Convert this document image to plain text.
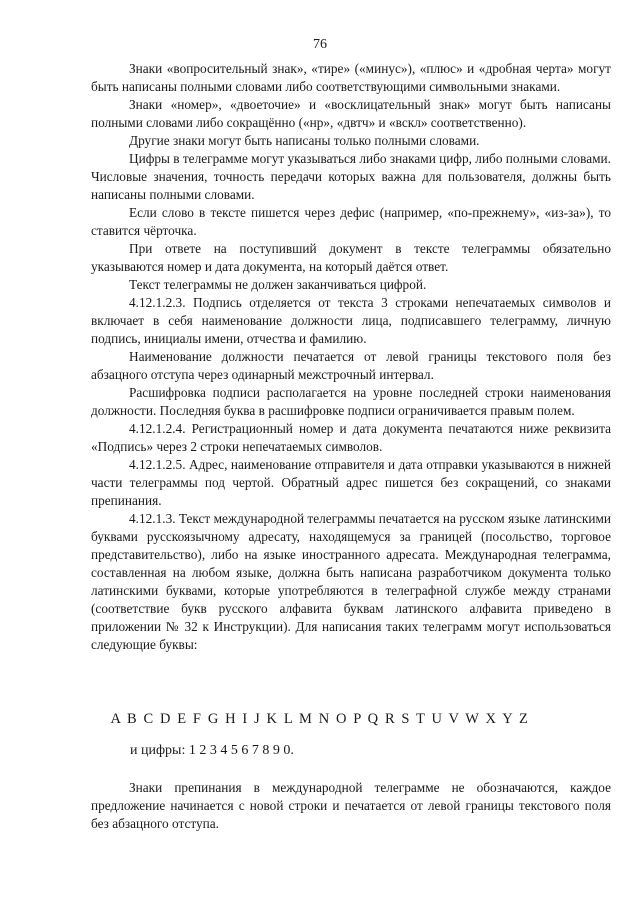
76

Знаки «вопросительный знак», «тире» («минус»), «плюс» и «дробная черта» могут быть написаны полными словами либо соответствующими символьными знаками.

Знаки «номер», «двоеточие» и «восклицательный знак» могут быть написаны полными словами либо сокращённо («нр», «двтч» и «вскл» соответственно).

Другие знаки могут быть написаны только полными словами.

Цифры в телеграмме могут указываться либо знаками цифр, либо полными словами. Числовые значения, точность передачи которых важна для пользователя, должны быть написаны полными словами.

Если слово в тексте пишется через дефис (например, «по-прежнему», «из-за»), то ставится чёрточка.

При ответе на поступивший документ в тексте телеграммы обязательно указываются номер и дата документа, на который даётся ответ.

Текст телеграммы не должен заканчиваться цифрой.

4.12.1.2.3. Подпись отделяется от текста 3 строками непечатаемых символов и включает в себя наименование должности лица, подписавшего телеграмму, личную подпись, инициалы имени, отчества и фамилию.

Наименование должности печатается от левой границы текстового поля без абзацного отступа через одинарный межстрочный интервал.

Расшифровка подписи располагается на уровне последней строки наименования должности. Последняя буква в расшифровке подписи ограничивается правым полем.

4.12.1.2.4. Регистрационный номер и дата документа печатаются ниже реквизита «Подпись» через 2 строки непечатаемых символов.

4.12.1.2.5. Адрес, наименование отправителя и дата отправки указываются в нижней части телеграммы под чертой. Обратный адрес пишется без сокращений, со знаками препинания.

4.12.1.3. Текст международной телеграммы печатается на русском языке латинскими буквами русскоязычному адресату, находящемуся за границей (посольство, торговое представительство), либо на языке иностранного адресата. Международная телеграмма, составленная на любом языке, должна быть написана разработчиком документа только латинскими буквами, которые употребляются в телеграфной службе между странами (соответствие букв русского алфавита буквам латинского алфавита приведено в приложении № 32 к Инструкции). Для написания таких телеграмм могут использоваться следующие буквы:

A B C D E F G H I J K L M N O P Q R S T U V W X Y Z
и цифры: 1 2 3 4 5 6 7 8 9 0.

Знаки препинания в международной телеграмме не обозначаются, каждое предложение начинается с новой строки и печатается от левой границы текстового поля без абзацного отступа.
